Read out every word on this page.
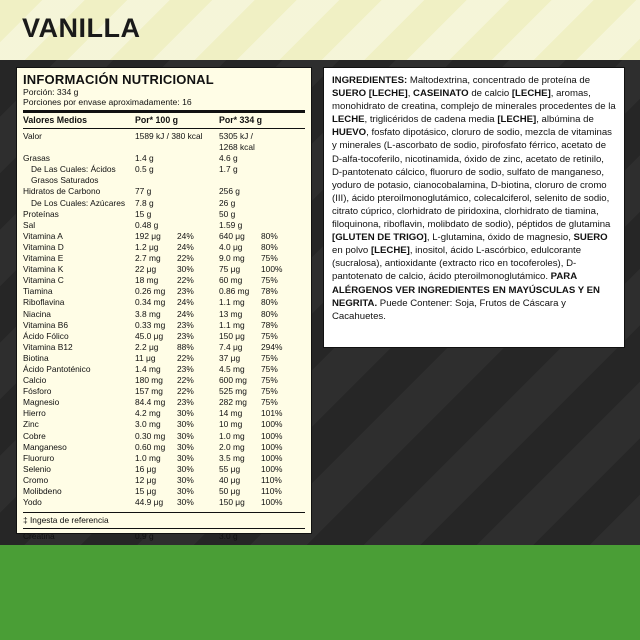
VANILLA
INFORMACIÓN NUTRICIONAL
Porción: 334 g
Porciones por envase aproximadamente: 16
Valores Medios	Por* 100 g	Por* 334 g
Valor	1589 kJ / 380 kcal	5305 kJ / 1268 kcal
Grasas	1.4 g	4.6 g
De Las Cuales: Ácidos	0.5 g	1.7 g
Grasos Saturados
Hidratos de Carbono	77 g	256 g
De Los Cuales: Azúcares	7.8 g	26 g
Proteínas	15 g	50 g
Sal	0.48 g	1.59 g
Vitamina A	192 μg	24%	640 μg	80%
Vitamina D	1.2 μg	24%	4.0 μg	80%
Vitamina E	2.7 mg	22%	9.0 mg	75%
Vitamina K	22 μg	30%	75 μg	100%
Vitamina C	18 mg	22%	60 mg	75%
Tiamina	0.26 mg	23%	0.86 mg	78%
Riboflavina	0.34 mg	24%	1.1 mg	80%
Niacina	3.8 mg	24%	13 mg	80%
Vitamina B6	0.33 mg	23%	1.1 mg	78%
Ácido Fólico	45.0 μg	23%	150 μg	75%
Vitamina B12	2.2 μg	88%	7.4 μg	294%
Biotina	11 μg	22%	37 μg	75%
Ácido Pantoténico	1.4 mg	23%	4.5 mg	75%
Calcio	180 mg	22%	600 mg	75%
Fósforo	157 mg	22%	525 mg	75%
Magnesio	84.4 mg	23%	282 mg	75%
Hierro	4.2 mg	30%	14 mg	101%
Zinc	3.0 mg	30%	10 mg	100%
Cobre	0.30 mg	30%	1.0 mg	100%
Manganeso	0.60 mg	30%	2.0 mg	100%
Fluoruro	1.0 mg	30%	3.5 mg	100%
Selenio	16 μg	30%	55 μg	100%
Cromo	12 μg	30%	40 μg	110%
Molibdeno	15 μg	30%	50 μg	110%
Yodo	44.9 μg	30%	150 μg	100%
‡ Ingesta de referencia
Creatina	0.9 g	3.0 g
INGREDIENTES: Maltodextrina, concentrado de proteína de SUERO [LECHE], CASEINATO de calcio [LECHE], aromas, monohidrato de creatina, complejo de minerales procedentes de la LECHE, triglicéridos de cadena media [LECHE], albúmina de HUEVO, fosfato dipotásico, cloruro de sodio, mezcla de vitaminas y minerales (L-ascorbato de sodio, pirofosfato férrico, acetato de D-alfa-tocoferilo, nicotinamida, óxido de zinc, acetato de retinilo, D-pantotenato cálcico, fluoruro de sodio, sulfato de manganeso, yoduro de potasio, cianocobalamina, D-biotina, cloruro de cromo (III), ácido pteroilmonoglutámico, colecalciferol, selenito de sodio, citrato cúprico, clorhidrato de piridoxina, clorhidrato de tiamina, filoquinona, riboflavin, molibdato de sodio), péptidos de glutamina [GLUTEN DE TRIGO], L-glutamina, óxido de magnesio, SUERO en polvo [LECHE], inositol, ácido L-ascórbico, edulcorante (sucralosa), antioxidante (extracto rico en tocoferoles), D-pantotenato de calcio, ácido pteroilmonoglutámico. PARA ALÉRGENOS VER INGREDIENTES EN MAYÚSCULAS Y EN NEGRITA. Puede Contener: Soja, Frutos de Cáscara y Cacahuetes.
